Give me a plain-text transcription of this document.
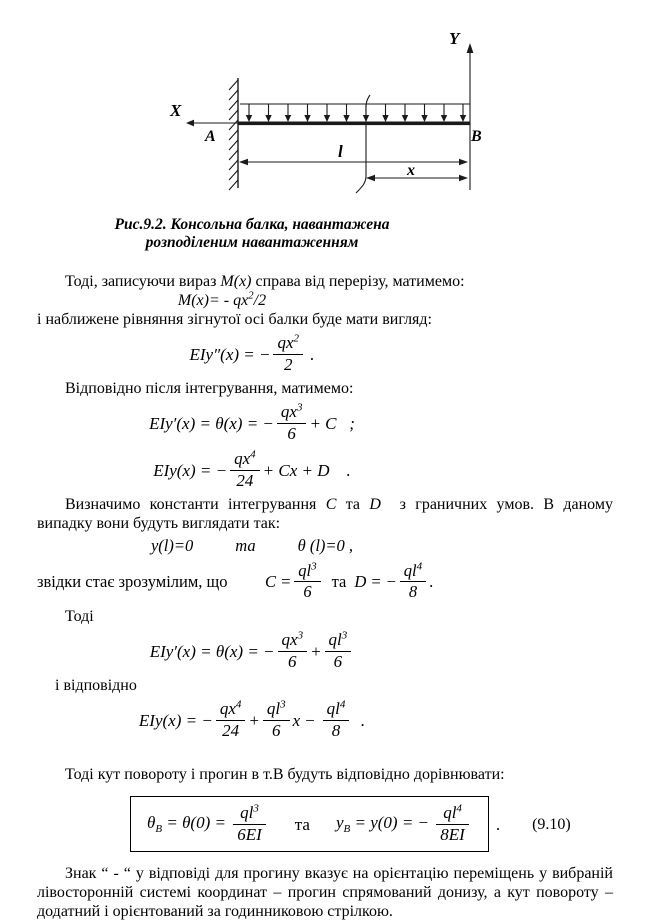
X
Y
A	B
l
x
Рис.9.2. Консольна балка, навантажена
розподіленим навантаженням
Тоді, записуючи вираз M(x) справа від перерізу, матимемо:
$M(x)= - qx^2/2$
і наближене рівняння зігнутої осі балки буде мати вигляд:
EIy″(x) = − $\frac{qx^2}{2}$ .
Відповідно після інтегрування, матимемо:
EIy′(x) = θ(x) = − $\frac{qx^3}{6} + C$   ;
EIy(x) = − $\frac{qx^4}{24} + Cx + D$    .
Визначимо константи інтегрування C та D  з граничних умов. В даному випадку вони будуть виглядати так:
y(l)=0	та	θ (l)=0 ,
звідки стає зрозумілим, що	$C = \frac{ql^3}{6}$ та D = − $\frac{ql^4}{8}$ .
Тоді
EIy′(x) = θ(x) = − $\frac{qx^3}{6} + \frac{ql^3}{6}$
і відповідно
EIy(x) = − $\frac{qx^4}{24} + \frac{ql^3}{6}$ $x - \frac{ql^4}{8}$ .
Тоді кут повороту і прогин в т.В будуть відповідно дорівнювати:
$\theta_B = \theta(0) = \frac{ql^3}{6EI}$ та $y_B = y(0)$ = − $\frac{ql^4}{8EI}$ . (9.10)
Знак “ - “ у відповіді для прогину вказує на орієнтацію переміщень у вибраній лівосторонній системі координат – прогин спрямований донизу, а кут повороту – додатний і орієнтований за годинниковою стрілкою.
